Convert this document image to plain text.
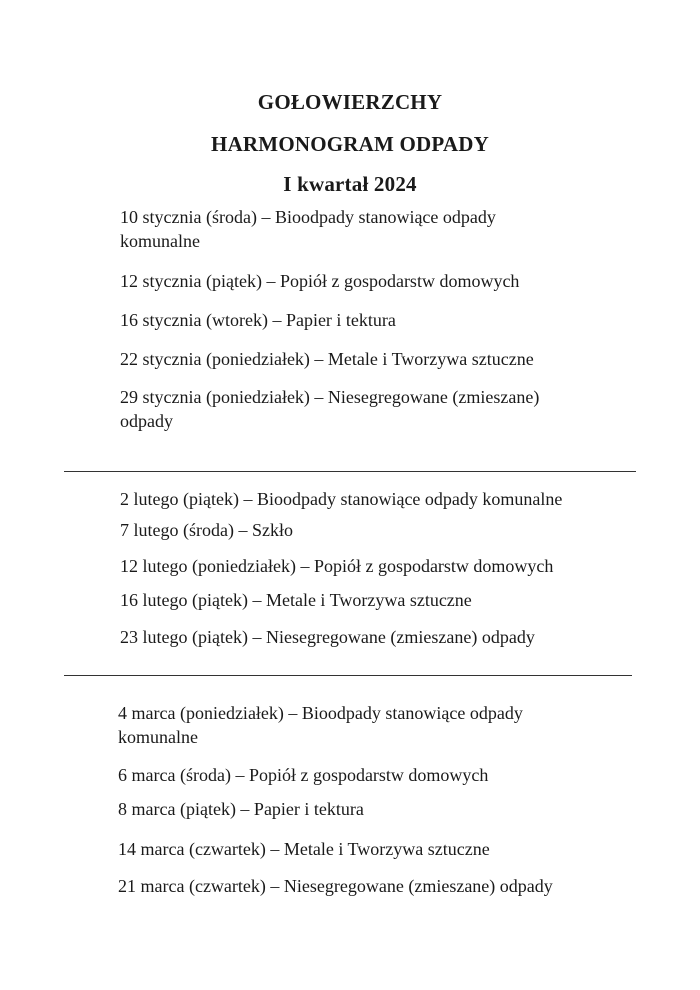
GOŁOWIERZCHY
HARMONOGRAM ODPADY
I kwartał 2024
10 stycznia (środa) – Bioodpady stanowiące odpady
komunalne
12 stycznia (piątek) – Popiół z gospodarstw domowych
16 stycznia (wtorek) – Papier i tektura
22 stycznia (poniedziałek) – Metale i Tworzywa sztuczne
29 stycznia (poniedziałek) – Niesegregowane (zmieszane)
odpady
2 lutego (piątek) – Bioodpady stanowiące odpady komunalne
7 lutego (środa) – Szkło
12 lutego (poniedziałek) – Popiół z gospodarstw domowych
16 lutego (piątek) – Metale i Tworzywa sztuczne
23 lutego (piątek) – Niesegregowane (zmieszane) odpady
4 marca (poniedziałek) – Bioodpady stanowiące odpady
komunalne
6 marca (środa) – Popiół z gospodarstw domowych
8 marca (piątek) – Papier i tektura
14 marca (czwartek) – Metale i Tworzywa sztuczne
21 marca (czwartek) – Niesegregowane (zmieszane) odpady
